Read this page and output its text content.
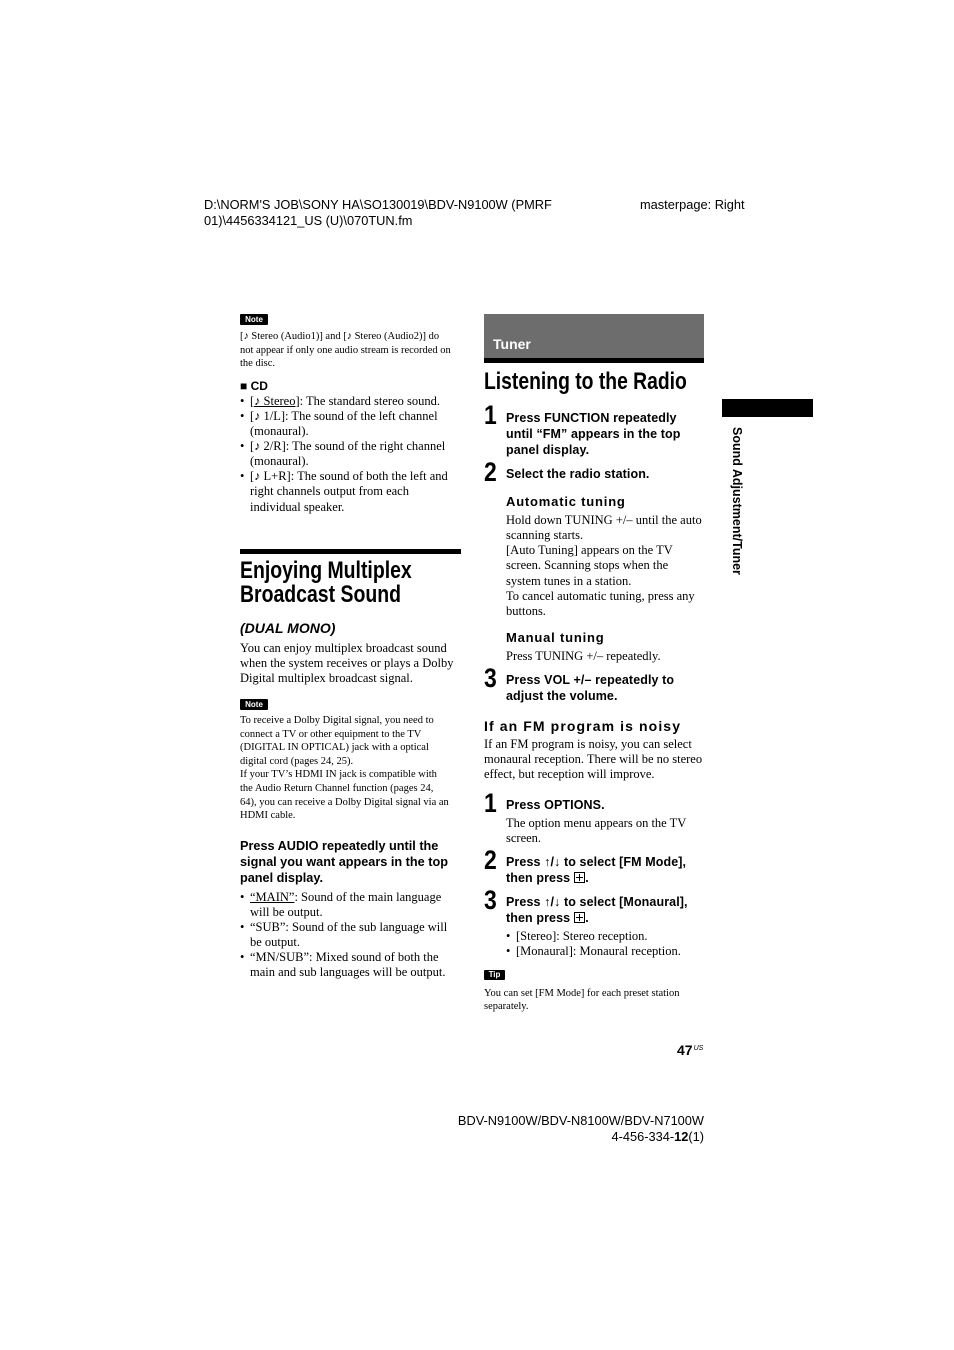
D:\NORM'S JOB\SONY HA\SO130019\BDV-N9100W (PMRF
01)\4456334121_US (U)\070TUN.fm
masterpage: Right
Note
[♪ Stereo (Audio1)] and [♪ Stereo (Audio2)] do
not appear if only one audio stream is recorded on
the disc.
■ CD
• [♪ Stereo]: The standard stereo sound.
• [♪ 1/L]: The sound of the left channel
(monaural).
• [♪ 2/R]: The sound of the right channel
(monaural).
• [♪ L+R]: The sound of both the left and
right channels output from each
individual speaker.
Enjoying Multiplex
Broadcast Sound
(DUAL MONO)
You can enjoy multiplex broadcast sound
when the system receives or plays a Dolby
Digital multiplex broadcast signal.
Note
To receive a Dolby Digital signal, you need to
connect a TV or other equipment to the TV
(DIGITAL IN OPTICAL) jack with a optical
digital cord (pages 24, 25).
If your TV’s HDMI IN jack is compatible with
the Audio Return Channel function (pages 24,
64), you can receive a Dolby Digital signal via an
HDMI cable.
Press AUDIO repeatedly until the
signal you want appears in the top
panel display.
• “MAIN”: Sound of the main language
will be output.
• “SUB”: Sound of the sub language will
be output.
• “MN/SUB”: Mixed sound of both the
main and sub languages will be output.
Tuner
Listening to the Radio
1 Press FUNCTION repeatedly
until “FM” appears in the top
panel display.
2 Select the radio station.
Automatic tuning
Hold down TUNING +/– until the auto
scanning starts.
[Auto Tuning] appears on the TV
screen. Scanning stops when the
system tunes in a station.
To cancel automatic tuning, press any
buttons.
Manual tuning
Press TUNING +/– repeatedly.
3 Press VOL +/– repeatedly to
adjust the volume.
If an FM program is noisy
If an FM program is noisy, you can select
monaural reception. There will be no stereo
effect, but reception will improve.
1 Press OPTIONS.
The option menu appears on the TV
screen.
2 Press ↑/↓ to select [FM Mode],
then press .
3 Press ↑/↓ to select [Monaural],
then press .
• [Stereo]: Stereo reception.
• [Monaural]: Monaural reception.
Tip
You can set [FM Mode] for each preset station
separately.
$47^{US}$
Sound Adjustment/Tuner
BDV-N9100W/BDV-N8100W/BDV-N7100W
4-456-334-12(1)
